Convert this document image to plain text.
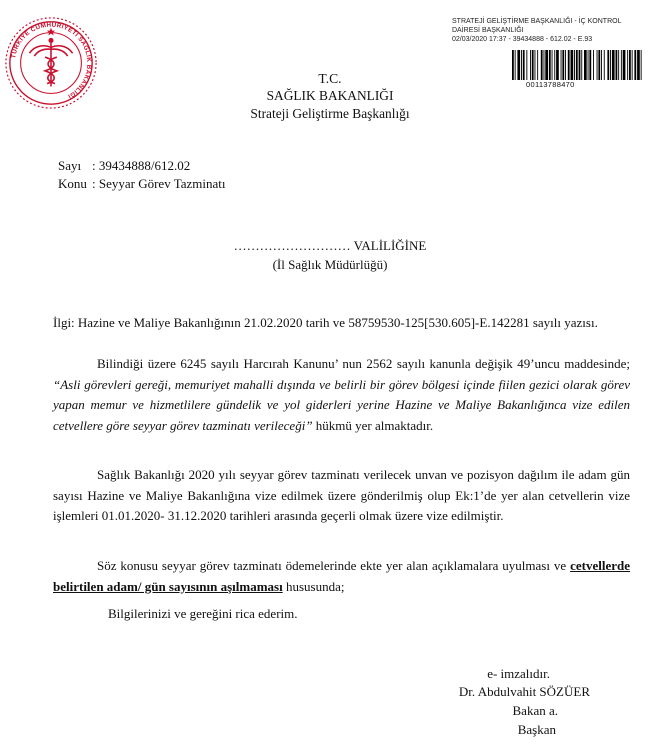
TÜRKİYE CUMHURİYETİ SAĞLIK BAKANLIĞI
STRATEJİ GELİŞTİRME BAŞKANLIĞI - İÇ KONTROL
DAİRESİ BAŞKANLIĞI
02/03/2020 17:37 - 39434888 - 612.02 - E.93
00113788470
T.C.
SAĞLIK BAKANLIĞI
Strateji Geliştirme Başkanlığı
Sayı : 39434888/612.02
Konu : Seyyar Görev Tazminatı
……………………… VALİLİĞİNE
(İl Sağlık Müdürlüğü)
İlgi: Hazine ve Maliye Bakanlığının 21.02.2020 tarih ve 58759530-125[530.605]-E.142281 sayılı yazısı.
Bilindiği üzere 6245 sayılı Harcırah Kanunu’ nun 2562 sayılı kanunla değişik 49’uncu maddesinde; “Asli görevleri gereği, memuriyet mahalli dışında ve belirli bir görev bölgesi içinde fiilen gezici olarak görev yapan memur ve hizmetlilere gündelik ve yol giderleri yerine Hazine ve Maliye Bakanlığınca vize edilen cetvellere göre seyyar görev tazminatı verileceği” hükmü yer almaktadır.
Sağlık Bakanlığı 2020 yılı seyyar görev tazminatı verilecek unvan ve pozisyon dağılım ile adam gün sayısı Hazine ve Maliye Bakanlığına vize edilmek üzere gönderilmiş olup Ek:1’de yer alan cetvellerin vize işlemleri 01.01.2020- 31.12.2020 tarihleri arasında geçerli olmak üzere vize edilmiştir.
Söz konusu seyyar görev tazminatı ödemelerinde ekte yer alan açıklamalara uyulması ve cetvellerde belirtilen adam/ gün sayısının aşılmaması hususunda;
Bilgilerinizi ve gereğini rica ederim.
e- imzalıdır.
Dr. Abdulvahit SÖZÜER
Bakan a.
Başkan
